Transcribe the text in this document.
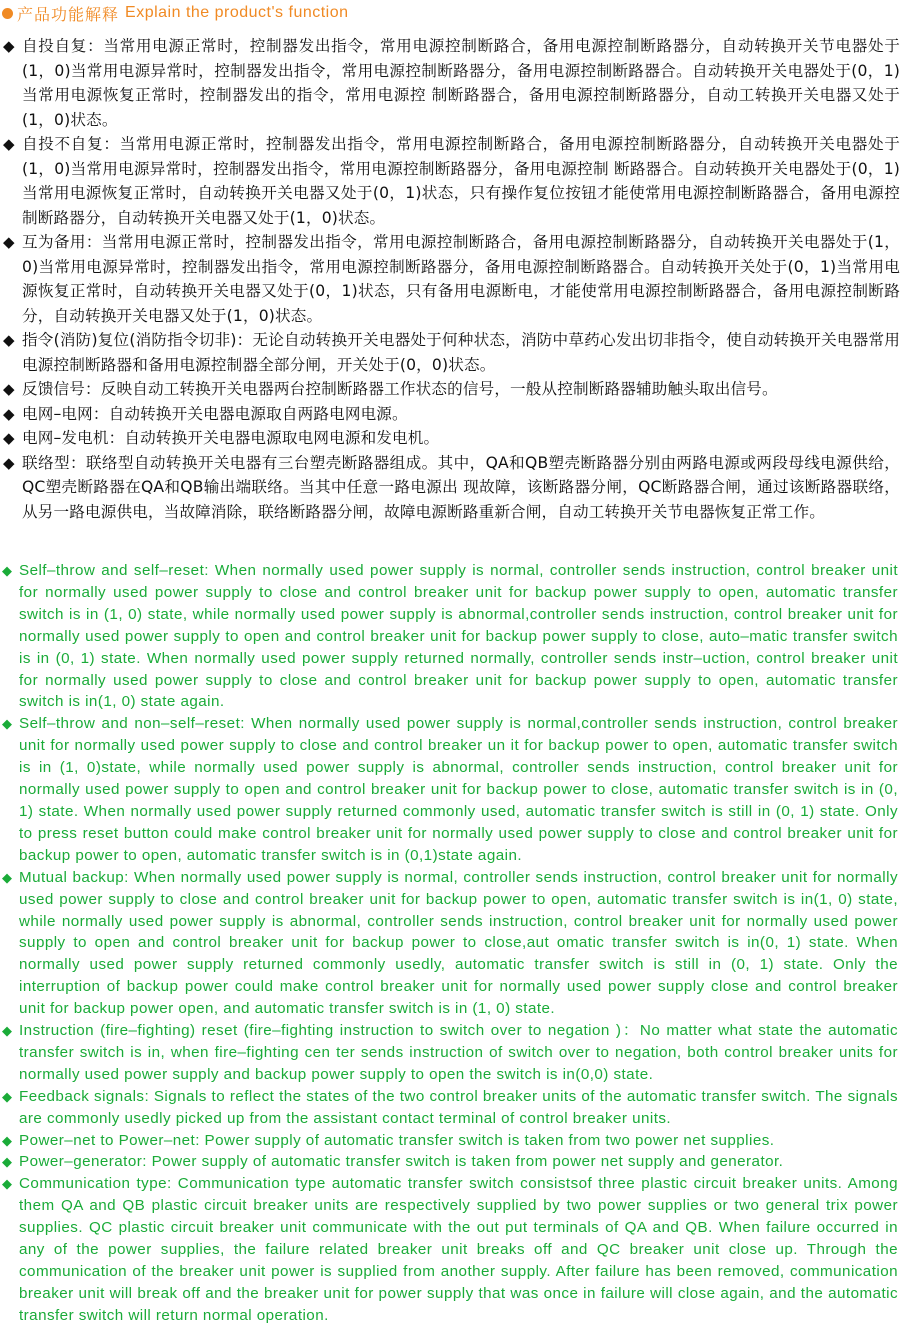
产品功能解释 Explain the product's function
◆ 自投自复：当常用电源正常时，控制器发出指令，常用电源控制断路合，备用电源控制断路器分，自动转换开关节电器处于(1，0)当常用电源异常时，控制器发出指令，常用电源控制断路器分，备用电源控制断路器合。自动转换开关电器处于(0，1)当常用电源恢复正常时，控制器发出的指令，常用电源控 制断路器合，备用电源控制断路器分，自动工转换开关电器又处于(1，0)状态。
◆ 自投不自复：当常用电源正常时，控制器发出指令，常用电源控制断路合，备用电源控制断路器分，自动转换开关电器处于(1，0)当常用电源异常时，控制器发出指令，常用电源控制断路器分，备用电源控制 断路器合。自动转换开关电器处于(0，1)当常用电源恢复正常时，自动转换开关电器又处于(0，1)状态，只有操作复位按钮才能使常用电源控制断路器合，备用电源控制断路器分，自动转换开关电器又处于(1，0)状态。
◆ 互为备用：当常用电源正常时，控制器发出指令，常用电源控制断路合，备用电源控制断路器分，自动转换开关电器处于(1，0)当常用电源异常时，控制器发出指令，常用电源控制断路器分，备用电源控制断路器合。自动转换开关处于(0，1)当常用电源恢复正常时，自动转换开关电器又处于(0，1)状态，只有备用电源断电，才能使常用电源控制断路器合，备用电源控制断路分，自动转换开关电器又处于(1，0)状态。
◆ 指令(消防)复位(消防指令切非)：无论自动转换开关电器处于何种状态，消防中草药心发出切非指令，使自动转换开关电器常用电源控制断路器和备用电源控制器全部分闸，开关处于(0，0)状态。
◆ 反馈信号：反映自动工转换开关电器两台控制断路器工作状态的信号，一般从控制断路器辅助触头取出信号。
◆ 电网–电网：自动转换开关电器电源取自两路电网电源。
◆ 电网–发电机：自动转换开关电器电源取电网电源和发电机。
◆ 联络型：联络型自动转换开关电器有三台塑壳断路器组成。其中，QA和QB塑壳断路器分别由两路电源或两段母线电源供给，QC塑壳断路器在QA和QB输出端联络。当其中任意一路电源出 现故障，该断路器分闸，QC断路器合闸，通过该断路器联络，从另一路电源供电，当故障消除，联络断路器分闸，故障电源断路重新合闸，自动工转换开关节电器恢复正常工作。
◆ Self–throw and self–reset: When normally used power supply is normal, controller sends instruction, control breaker unit for normally used power supply to close and control breaker unit for backup power supply to open, automatic transfer switch is in (1, 0) state, while normally used power supply is abnormal,controller sends instruction, control breaker unit for normally used power supply to open and control breaker unit for backup power supply to close, auto–matic transfer switch is in (0, 1) state. When normally used power supply returned normally, controller sends instr–uction, control breaker unit for normally used power supply to close and control breaker unit for backup power supply to open, automatic transfer switch is in(1, 0) state again.
◆ Self–throw and non–self–reset: When normally used power supply is normal,controller sends instruction, control breaker unit for normally used power supply to close and control breaker un it for backup power to open, automatic transfer switch is in (1, 0)state, while normally used power supply is abnormal, controller sends instruction, control breaker unit for normally used power supply to open and control breaker unit for backup power to close, automatic transfer switch is in (0, 1) state. When normally used power supply returned commonly used, automatic transfer switch is still in (0, 1) state. Only to press reset button could make control breaker unit for normally used power supply to close and control breaker unit for backup power to open, automatic transfer switch is in (0,1)state again.
◆ Mutual backup: When normally used power supply is normal, controller sends instruction, control breaker unit for normally used power supply to close and control breaker unit for backup power to open, automatic transfer switch is in(1, 0) state, while normally used power supply is abnormal, controller sends instruction, control breaker unit for normally used power supply to open and control breaker unit for backup power to close,aut omatic transfer switch is in(0, 1) state. When normally used power supply returned commonly usedly, automatic transfer switch is still in (0, 1) state. Only the interruption of backup power could make control breaker unit for normally used power supply close and control breaker unit for backup power open, and automatic transfer switch is in (1, 0) state.
◆ Instruction (fire–fighting) reset (fire–fighting instruction to switch over to negation )：No matter what state the automatic transfer switch is in, when fire–fighting cen ter sends instruction of switch over to negation, both control breaker units for normally used power supply and backup power supply to open the switch is in(0,0) state.
◆ Feedback signals: Signals to reflect the states of the two control breaker units of the automatic transfer switch. The signals are commonly usedly picked up from the assistant contact terminal of control breaker units.
◆ Power–net to Power–net: Power supply of automatic transfer switch is taken from two power net supplies.
◆ Power–generator: Power supply of automatic transfer switch is taken from power net supply and generator.
◆ Communication type: Communication type automatic transfer switch consistsof three plastic circuit breaker units. Among them QA and QB plastic circuit breaker units are respectively supplied by two power supplies or two general trix power supplies. QC plastic circuit breaker unit communicate with the out put terminals of QA and QB. When failure occurred in any of the power supplies, the failure related breaker unit breaks off and QC breaker unit close up. Through the communication of the breaker unit power is supplied from another supply. After failure has been removed, communication breaker unit will break off and the breaker unit for power supply that was once in failure will close again, and the automatic transfer switch will return normal operation.
